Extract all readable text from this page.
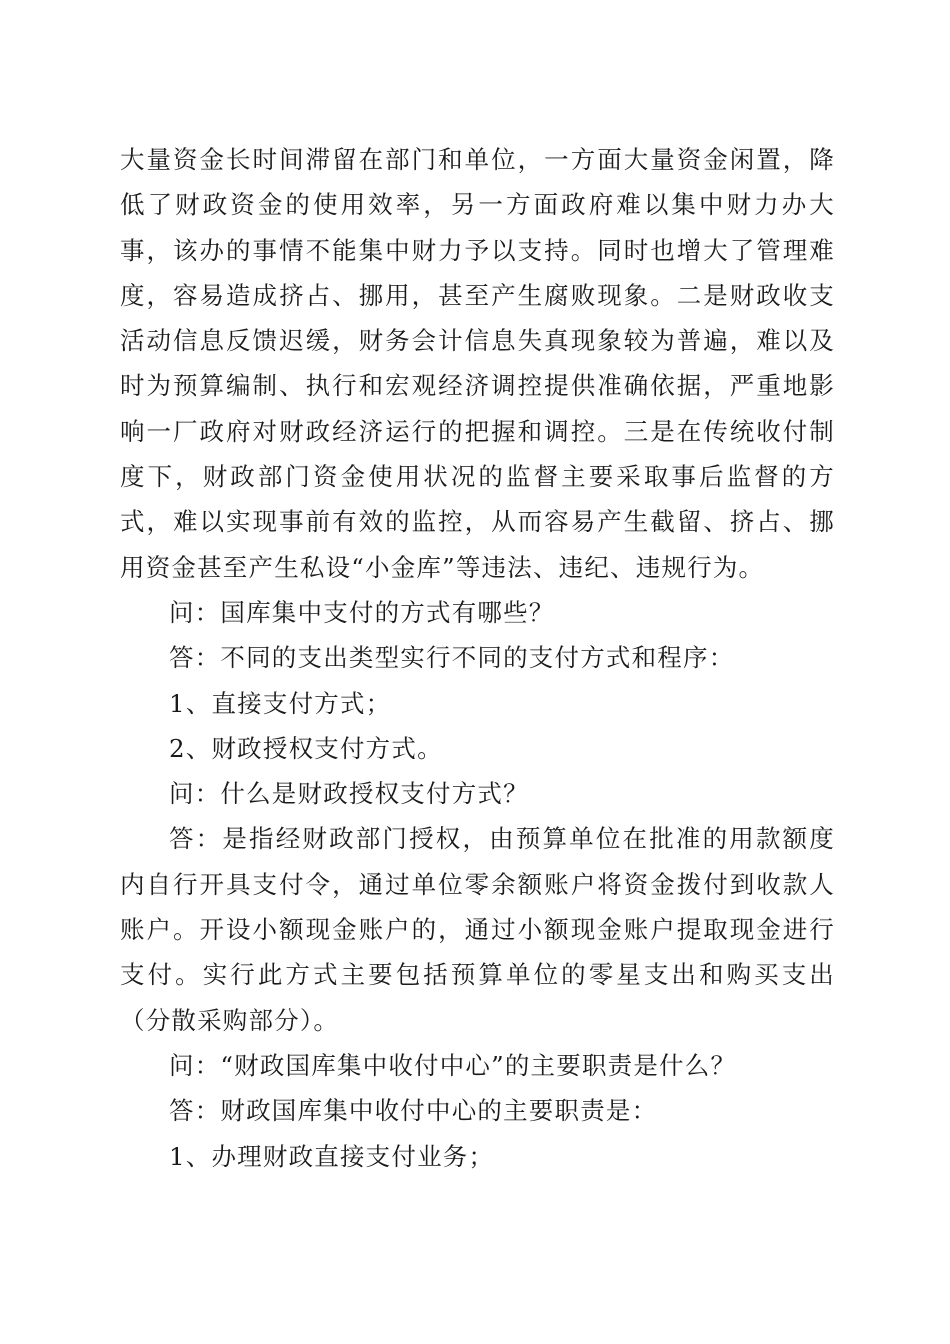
大量资金长时间滞留在部门和单位，一方面大量资金闲置，降低了财政资金的使用效率，另一方面政府难以集中财力办大事，该办的事情不能集中财力予以支持。同时也增大了管理难度，容易造成挤占、挪用，甚至产生腐败现象。二是财政收支活动信息反馈迟缓，财务会计信息失真现象较为普遍，难以及时为预算编制、执行和宏观经济调控提供准确依据，严重地影响一厂政府对财政经济运行的把握和调控。三是在传统收付制度下，财政部门资金使用状况的监督主要采取事后监督的方式，难以实现事前有效的监控，从而容易产生截留、挤占、挪用资金甚至产生私设“小金库”等违法、违纪、违规行为。

问：国库集中支付的方式有哪些？

答：不同的支出类型实行不同的支付方式和程序：

1、直接支付方式；

2、财政授权支付方式。

问：什么是财政授权支付方式？

答：是指经财政部门授权，由预算单位在批准的用款额度内自行开具支付令，通过单位零余额账户将资金拨付到收款人账户。开设小额现金账户的，通过小额现金账户提取现金进行支付。实行此方式主要包括预算单位的零星支出和购买支出（分散采购部分）。

问：“财政国库集中收付中心”的主要职责是什么？

答：财政国库集中收付中心的主要职责是：

1、办理财政直接支付业务；
